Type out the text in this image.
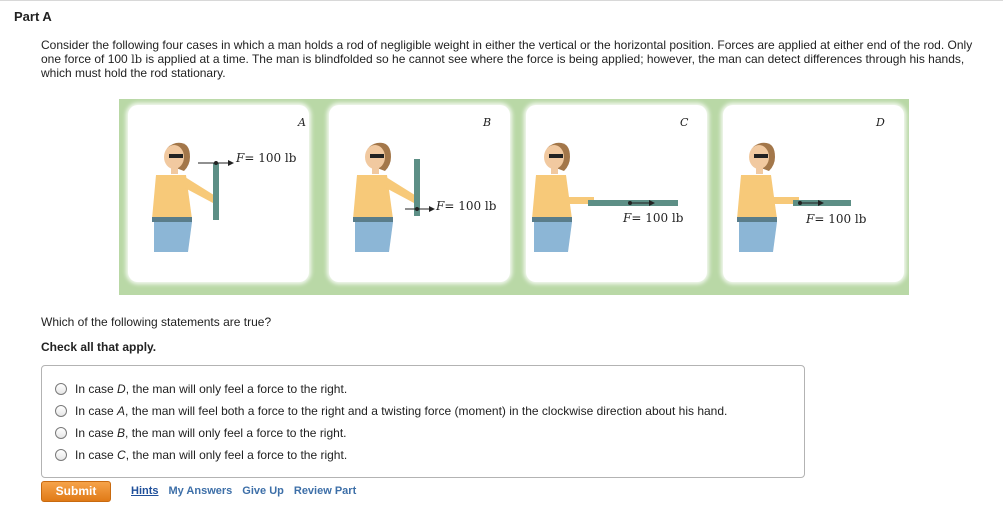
Part A
Consider the following four cases in which a man holds a rod of negligible weight in either the vertical or the horizontal position. Forces are applied at either end of the rod. Only one force of 100 lb is applied at a time. The man is blindfolded so he cannot see where the force is being applied; however, the man can detect differences through his hands, which must hold the rod stationary.
A
F= 100 lb
B
F= 100 lb
C
F= 100 lb
D
F= 100 lb
Which of the following statements are true?
Check all that apply.
In case D, the man will only feel a force to the right.
In case A, the man will feel both a force to the right and a twisting force (moment) in the clockwise direction about his hand.
In case B, the man will only feel a force to the right.
In case C, the man will only feel a force to the right.
Submit	Hints My Answers Give Up Review Part
